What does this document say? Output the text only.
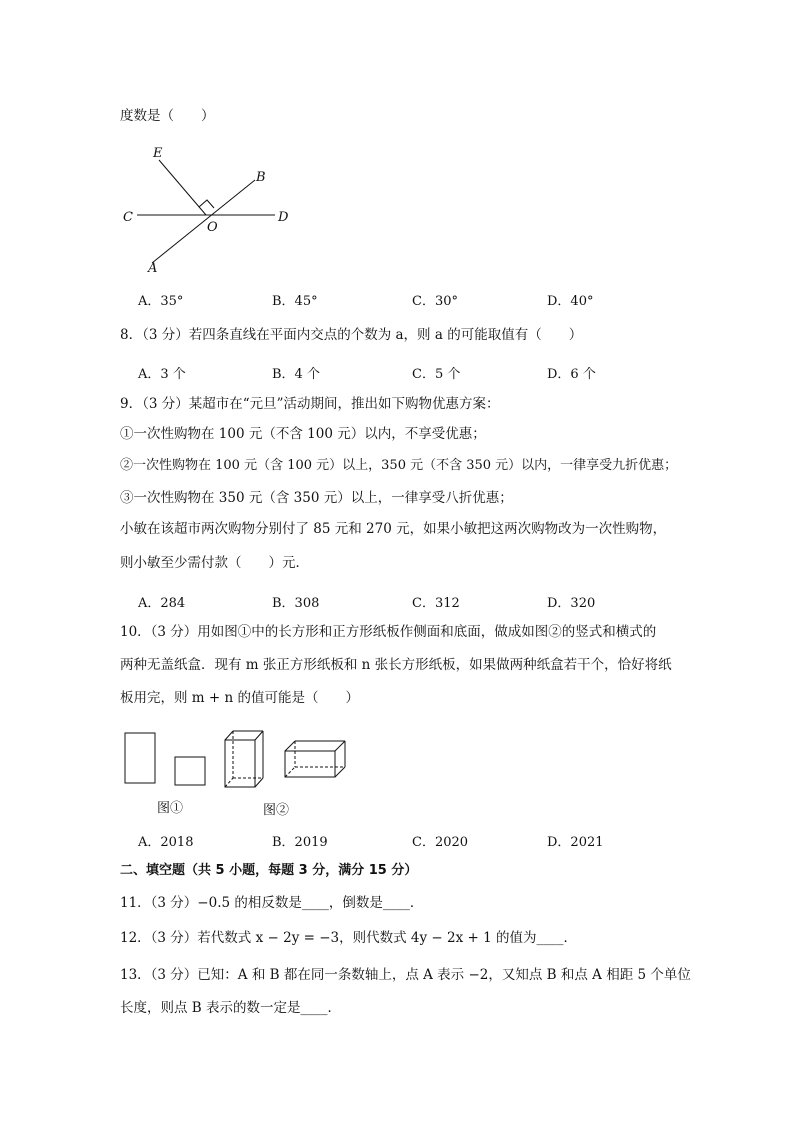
度数是（　　）
E
B
C	D
O
A
A．35°	B．45°	C．30°	D．40°
8．（3 分）若四条直线在平面内交点的个数为 a，则 a 的可能取值有（　　）
A．3 个	B．4 个	C．5 个	D．6 个
9．（3 分）某超市在“元旦”活动期间，推出如下购物优惠方案：
①一次性购物在 100 元（不含 100 元）以内，不享受优惠；
②一次性购物在 100 元（含 100 元）以上，350 元（不含 350 元）以内，一律享受九折优惠；
③一次性购物在 350 元（含 350 元）以上，一律享受八折优惠；
小敏在该超市两次购物分别付了 85 元和 270 元，如果小敏把这两次购物改为一次性购物，
则小敏至少需付款（　　）元．
A．284	B．308	C．312	D．320
10．（3 分）用如图①中的长方形和正方形纸板作侧面和底面，做成如图②的竖式和横式的
两种无盖纸盒．现有 m 张正方形纸板和 n 张长方形纸板，如果做两种纸盒若干个，恰好将纸
板用完，则 m + n 的值可能是（　　）
图①	图②
A．2018	B．2019	C．2020	D．2021
二、填空题（共 5 小题，每题 3 分，满分 15 分）
11．（3 分）−0.5 的相反数是____，倒数是____．
12．（3 分）若代数式 x − 2y = −3，则代数式 4y − 2x + 1 的值为____．
13．（3 分）已知：A 和 B 都在同一条数轴上，点 A 表示 −2，又知点 B 和点 A 相距 5 个单位
长度，则点 B 表示的数一定是____．
